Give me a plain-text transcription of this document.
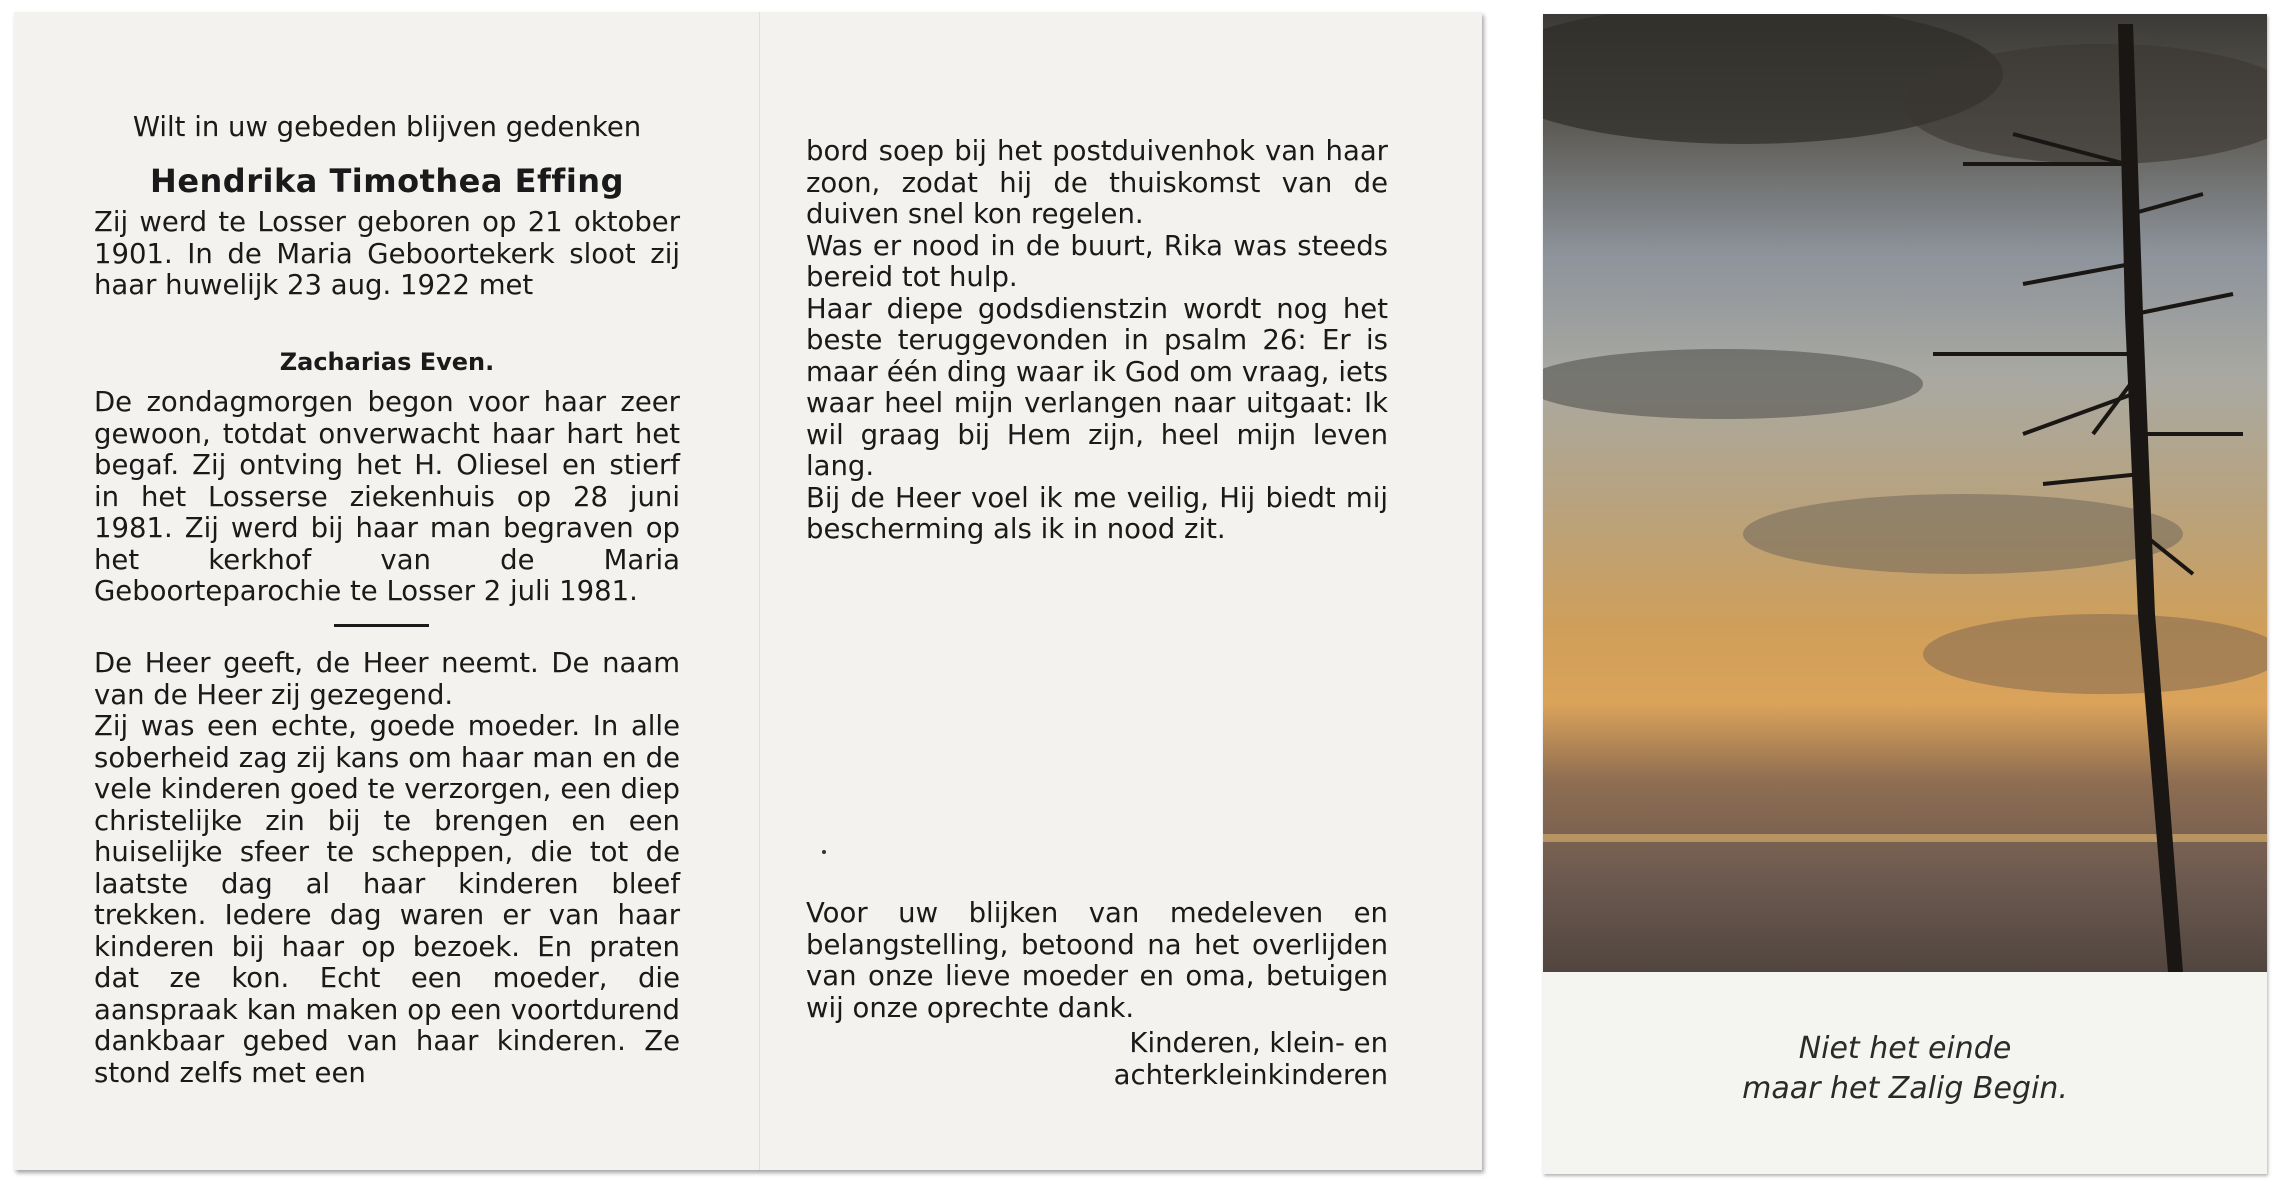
Wilt in uw gebeden blijven gedenken

Hendrika Timothea Effing

Zij werd te Losser geboren op 21 oktober 1901. In de Maria Geboortekerk sloot zij haar huwelijk 23 aug. 1922 met

Zacharias Even.

De zondagmorgen begon voor haar zeer gewoon, totdat onverwacht haar hart het begaf. Zij ontving het H. Oliesel en stierf in het Losserse ziekenhuis op 28 juni 1981. Zij werd bij haar man begraven op het kerkhof van de Maria Geboorteparochie te Losser 2 juli 1981.

De Heer geeft, de Heer neemt. De naam van de Heer zij gezegend.

Zij was een echte, goede moeder. In alle soberheid zag zij kans om haar man en de vele kinderen goed te verzorgen, een diep christelijke zin bij te brengen en een huiselijke sfeer te scheppen, die tot de laatste dag al haar kinderen bleef trekken. Iedere dag waren er van haar kinderen bij haar op bezoek. En praten dat ze kon. Echt een moeder, die aanspraak kan maken op een voortdurend dankbaar gebed van haar kinderen. Ze stond zelfs met een

bord soep bij het postduivenhok van haar zoon, zodat hij de thuiskomst van de duiven snel kon regelen.

Was er nood in de buurt, Rika was steeds bereid tot hulp.

Haar diepe godsdienstzin wordt nog het beste teruggevonden in psalm 26: Er is maar één ding waar ik God om vraag, iets waar heel mijn verlangen naar uitgaat: Ik wil graag bij Hem zijn, heel mijn leven lang.

Bij de Heer voel ik me veilig, Hij biedt mij bescherming als ik in nood zit.

Voor uw blijken van medeleven en belangstelling, betoond na het overlijden van onze lieve moeder en oma, betuigen wij onze oprechte dank.

Kinderen, klein- en
achterkleinkinderen
Niet het einde
maar het Zalig Begin.
